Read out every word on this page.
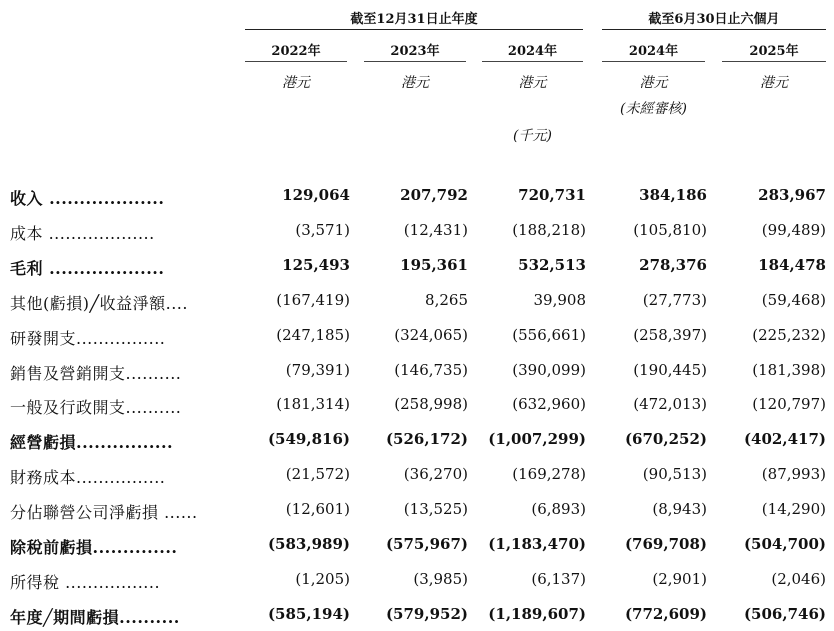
截至12月31日止年度	截至6月30日止六個月
2022年	2023年	2024年	2024年	2025年
港元	港元	港元	港元	港元
(未經審核)
(千元)
收入 ...................	129,064	207,792	720,731	384,186	283,967
成本 ...................	(3,571)	(12,431)	(188,218)	(105,810)	(99,489)
毛利 ...................	125,493	195,361	532,513	278,376	184,478
其他(虧損)╱收益淨額....	(167,419)	8,265	39,908	(27,773)	(59,468)
研發開支................	(247,185)	(324,065)	(556,661)	(258,397)	(225,232)
銷售及營銷開支..........	(79,391)	(146,735)	(390,099)	(190,445)	(181,398)
一般及行政開支..........	(181,314)	(258,998)	(632,960)	(472,013)	(120,797)
經營虧損................	(549,816) (526,172) (1,007,299)	(670,252) (402,417)
財務成本................	(21,572)	(36,270)	(169,278)	(90,513)	(87,993)
分佔聯營公司淨虧損 ......	(12,601)	(13,525)	(6,893)	(8,943)	(14,290)
除稅前虧損..............	(583,989) (575,967) (1,183,470)	(769,708) (504,700)
所得稅 .................	(1,205)	(3,985)	(6,137)	(2,901)	(2,046)
年度╱期間虧損..........	(585,194) (579,952) (1,189,607)	(772,609) (506,746)
